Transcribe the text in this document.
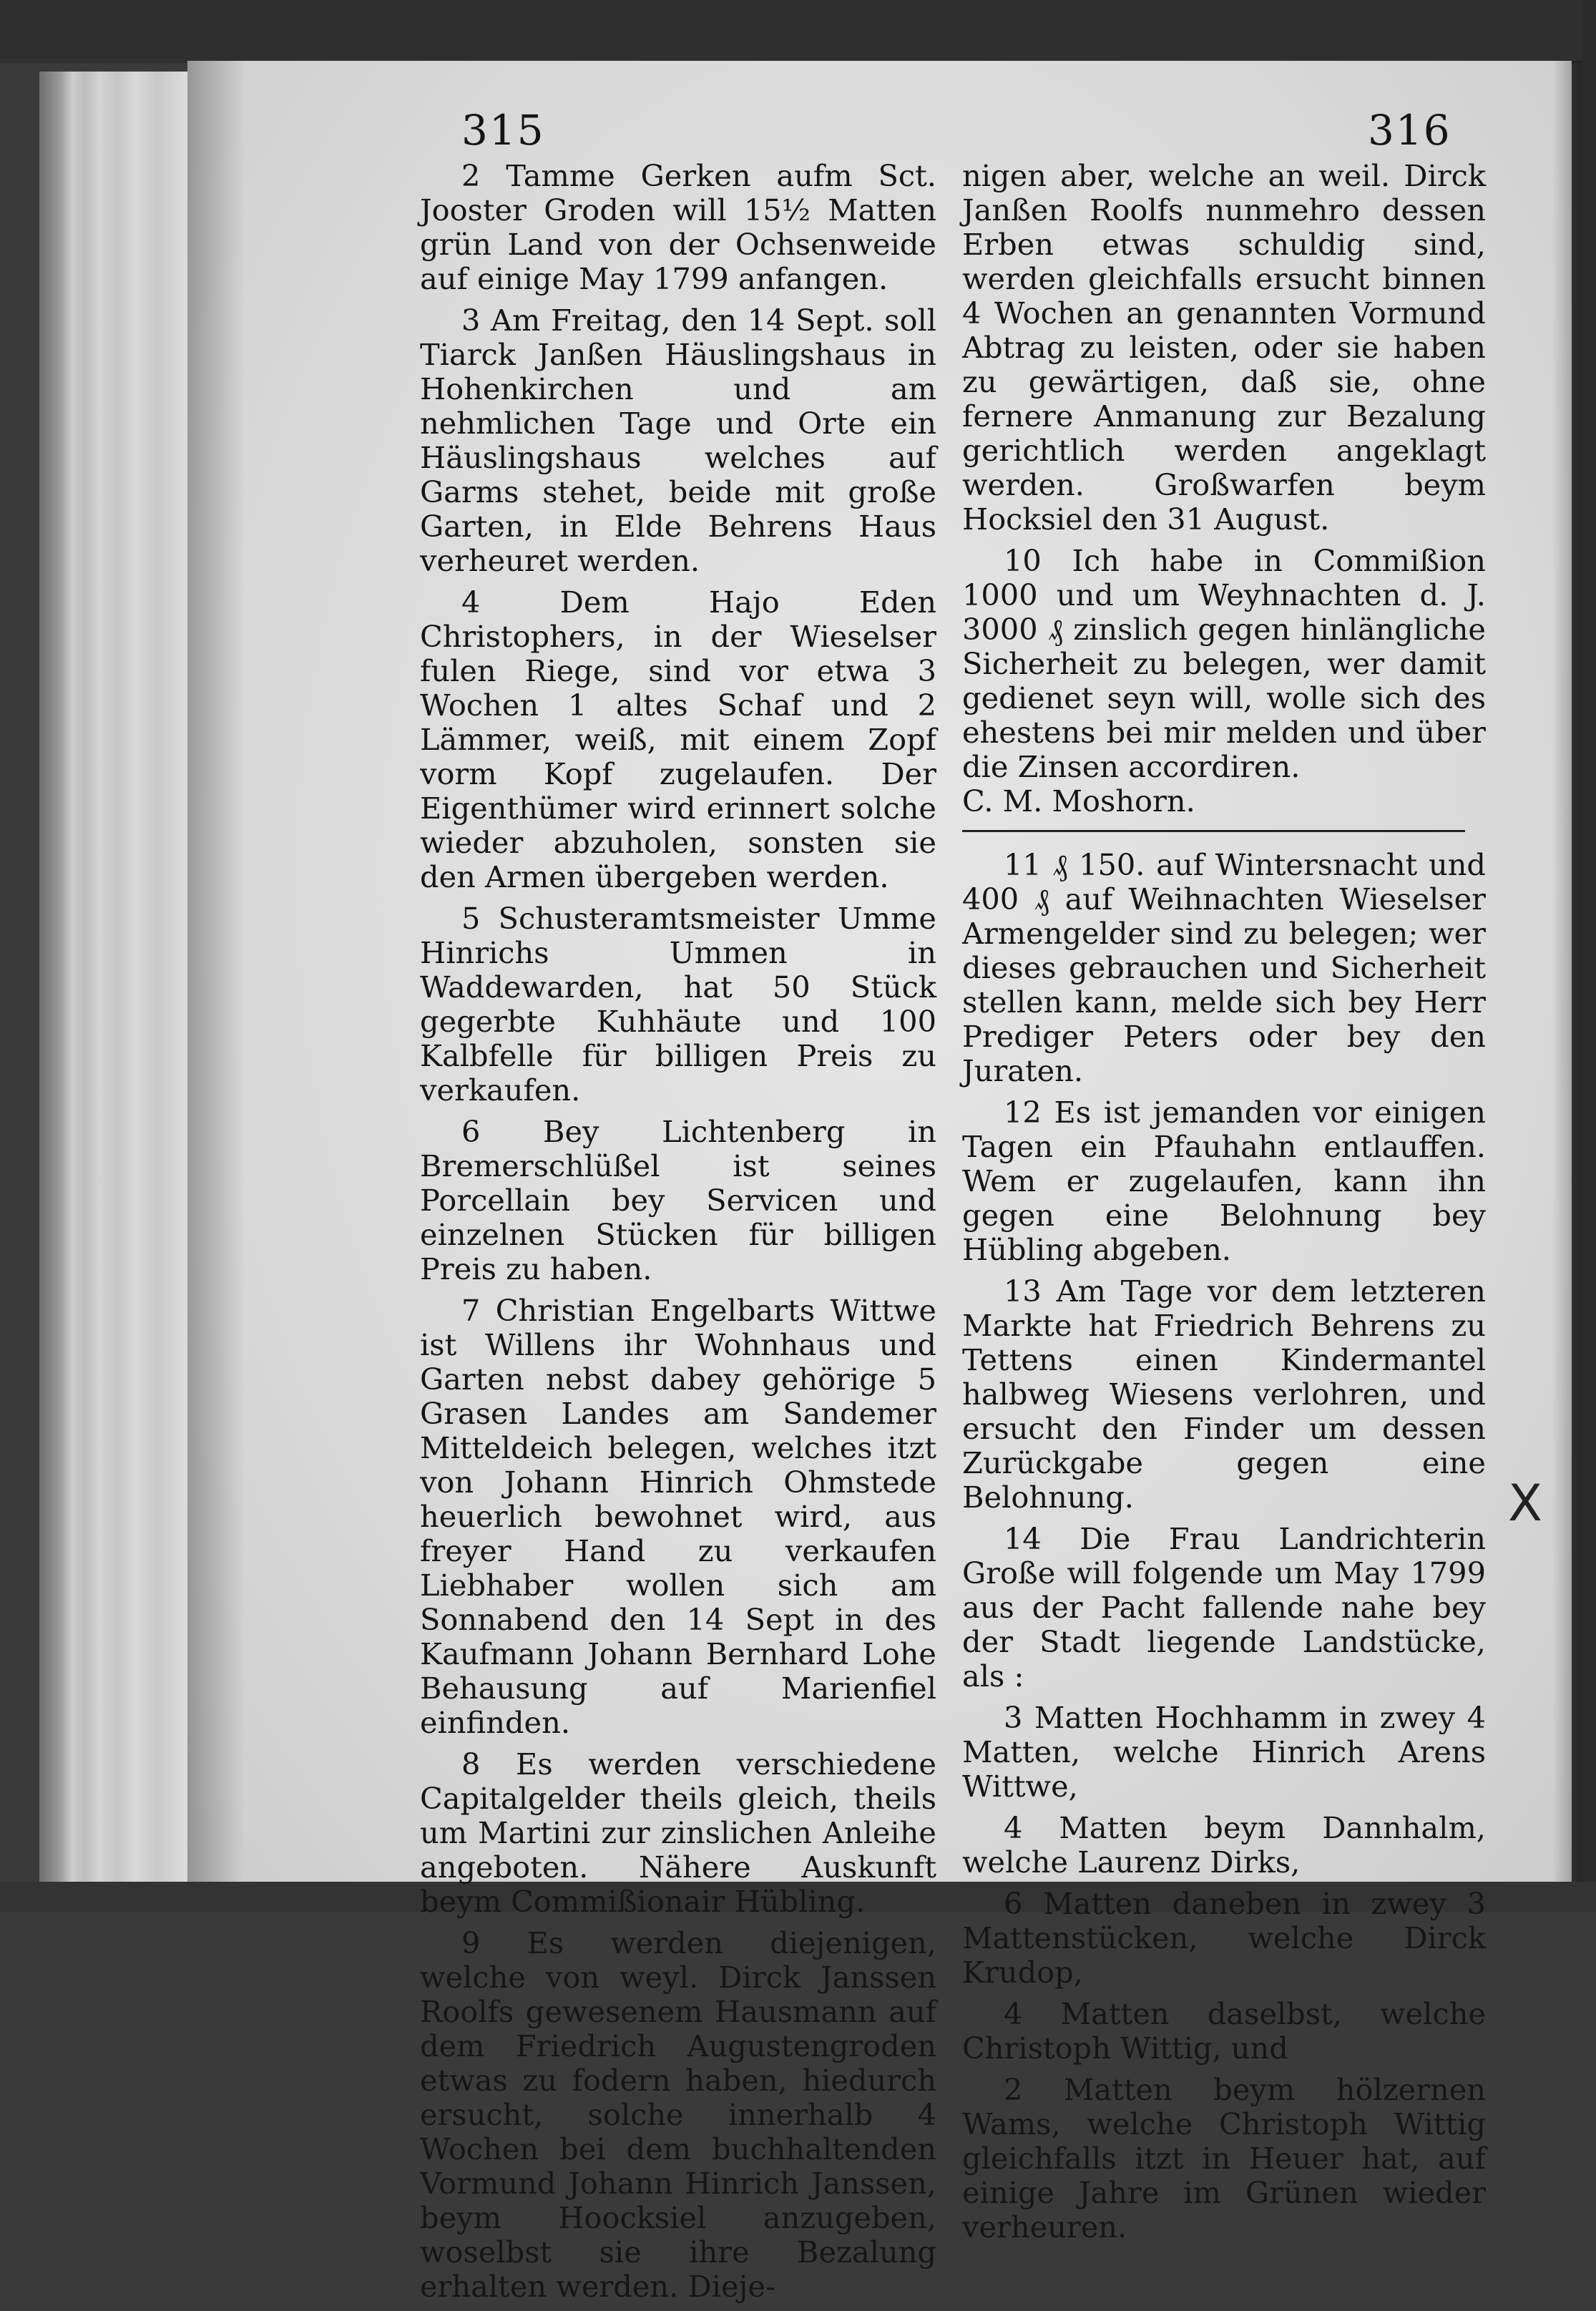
315	316

2 Tamme Gerken aufm Sct. Jooster Groden will 15½ Matten grün Land von der Ochsenweide auf einige May 1799 anfangen.

3 Am Freitag, den 14 Sept. soll Tiarck Janßen Häuslingshaus in Hohenkirchen und am nehmlichen Tage und Orte ein Häuslingshaus welches auf Garms stehet, beide mit große Garten, in Elde Behrens Haus verheuret werden.

4 Dem Hajo Eden Christophers, in der Wieselser fulen Riege, sind vor etwa 3 Wochen 1 altes Schaf und 2 Lämmer, weiß, mit einem Zopf vorm Kopf zugelaufen. Der Eigenthümer wird erinnert solche wieder abzuholen, sonsten sie den Armen übergeben werden.

5 Schusteramtsmeister Umme Hinrichs Ummen in Waddewarden, hat 50 Stück gegerbte Kuhhäute und 100 Kalbfelle für billigen Preis zu verkaufen.

6 Bey Lichtenberg in Bremerschlüßel ist seines Porcellain bey Servicen und einzelnen Stücken für billigen Preis zu haben.

7 Christian Engelbarts Wittwe ist Willens ihr Wohnhaus und Garten nebst dabey gehörige 5 Grasen Landes am Sandemer Mitteldeich belegen, welches itzt von Johann Hinrich Ohmstede heuerlich bewohnet wird, aus freyer Hand zu verkaufen Liebhaber wollen sich am Sonnabend den 14 Sept in des Kaufmann Johann Bernhard Lohe Behausung auf Marienfiel einfinden.

8 Es werden verschiedene Capitalgelder theils gleich, theils um Martini zur zinslichen Anleihe angeboten. Nähere Auskunft beym Commißionair Hübling.

9 Es werden diejenigen, welche von weyl. Dirck Janssen Roolfs gewesenem Hausmann auf dem Friedrich Augustengroden etwas zu fodern haben, hiedurch ersucht, solche innerhalb 4 Wochen bei dem buchhaltenden Vormund Johann Hinrich Janssen, beym Hoocksiel anzugeben, woselbst sie ihre Bezalung erhalten werden. Dieje-

nigen aber, welche an weil. Dirck Janßen Roolfs nunmehro dessen Erben etwas schuldig sind, werden gleichfalls ersucht binnen 4 Wochen an genannten Vormund Abtrag zu leisten, oder sie haben zu gewärtigen, daß sie, ohne fernere Anmanung zur Bezalung gerichtlich werden angeklagt werden. Großwarfen beym Hocksiel den 31 August.

10 Ich habe in Commißion 1000 und um Weyhnachten d. J. 3000 ₰ zinslich gegen hinlängliche Sicherheit zu belegen, wer damit gedienet seyn will, wolle sich des ehestens bei mir melden und über die Zinsen accordiren.
C. M. Moshorn.

11 ₰ 150. auf Wintersnacht und 400 ₰ auf Weihnachten Wieselser Armengelder sind zu belegen; wer dieses gebrauchen und Sicherheit stellen kann, melde sich bey Herr Prediger Peters oder bey den Juraten.

12 Es ist jemanden vor einigen Tagen ein Pfauhahn entlauffen. Wem er zugelaufen, kann ihn gegen eine Belohnung bey Hübling abgeben.

13 Am Tage vor dem letzteren Markte hat Friedrich Behrens zu Tettens einen Kindermantel halbweg Wiesens verlohren, und ersucht den Finder um dessen Zurückgabe gegen eine Belohnung.

14 Die Frau Landrichterin Große will folgende um May 1799 aus der Pacht fallende nahe bey der Stadt liegende Landstücke, als :

3 Matten Hochhamm in zwey 4 Matten, welche Hinrich Arens Wittwe,

4 Matten beym Dannhalm, welche Laurenz Dirks,

6 Matten daneben in zwey 3 Mattenstücken, welche Dirck Krudop,

4 Matten daselbst, welche Christoph Wittig, und

2 Matten beym hölzernen Wams, welche Christoph Wittig gleichfalls itzt in Heuer hat, auf einige Jahre im Grünen wieder verheuren.

X
